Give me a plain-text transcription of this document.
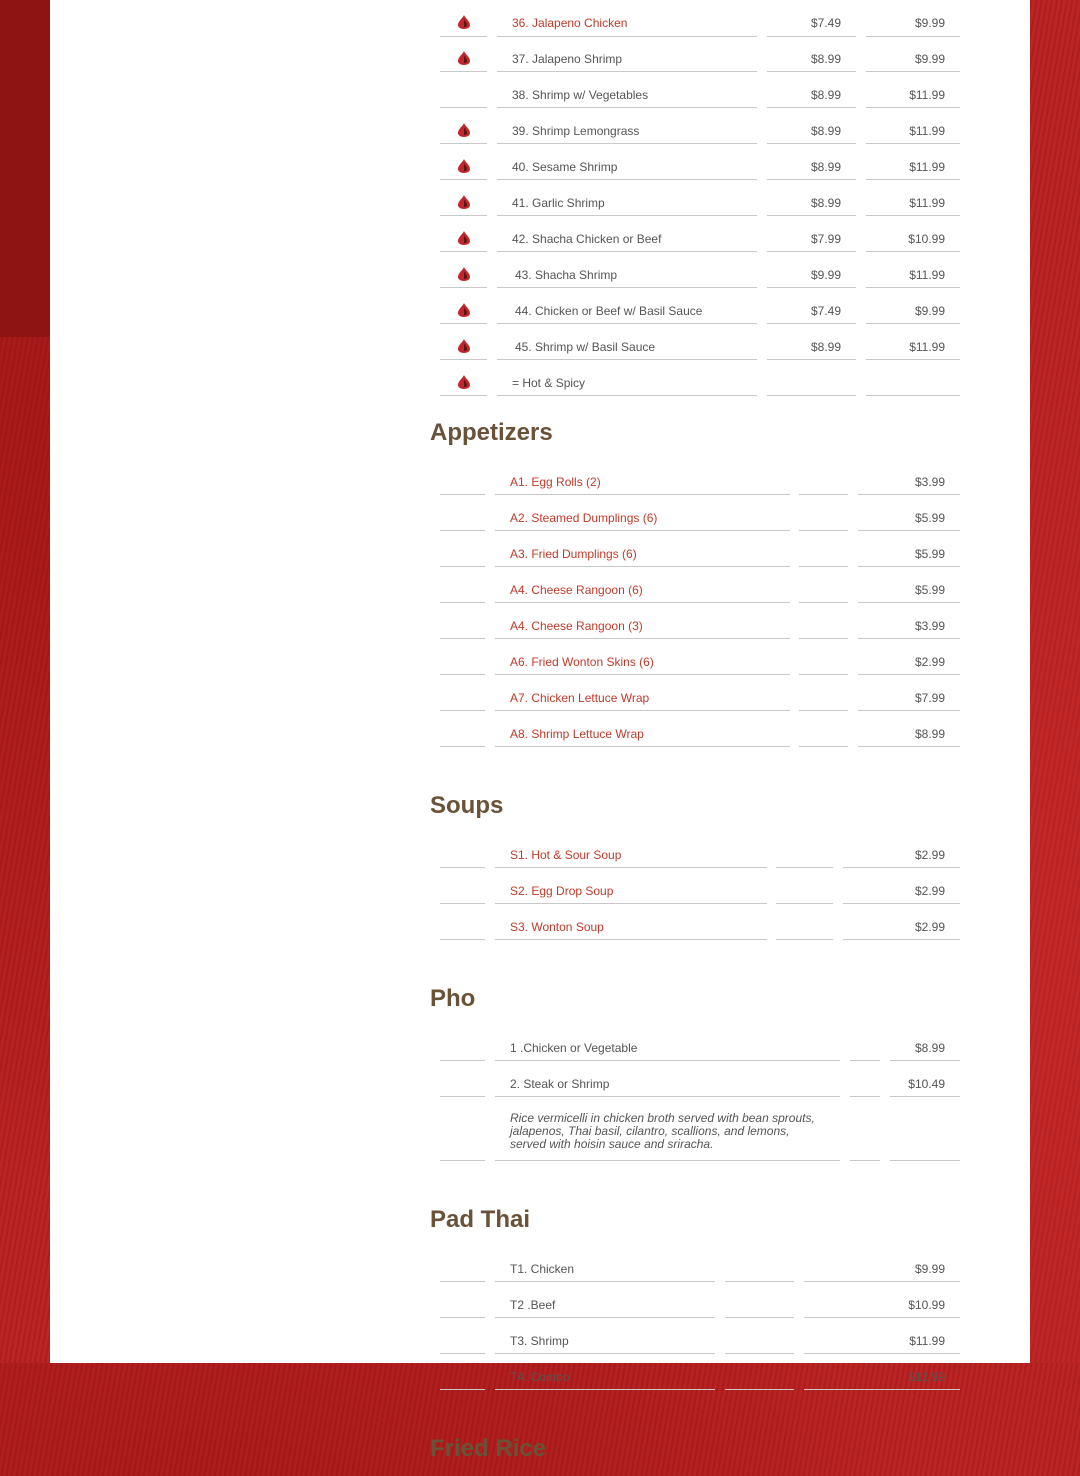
36. Jalapeno Chicken	$7.49	$9.99
37. Jalapeno Shrimp	$8.99	$9.99
38. Shrimp w/ Vegetables	$8.99	$11.99
39. Shrimp Lemongrass	$8.99	$11.99
40. Sesame Shrimp	$8.99	$11.99
41. Garlic Shrimp	$8.99	$11.99
42. Shacha Chicken or Beef	$7.99	$10.99
43. Shacha Shrimp	$9.99	$11.99
44. Chicken or Beef w/ Basil Sauce	$7.49	$9.99
45. Shrimp w/ Basil Sauce	$8.99	$11.99
= Hot & Spicy
Appetizers
A1. Egg Rolls (2)	$3.99
A2. Steamed Dumplings (6)	$5.99
A3. Fried Dumplings (6)	$5.99
A4. Cheese Rangoon (6)	$5.99
A4. Cheese Rangoon (3)	$3.99
A6. Fried Wonton Skins (6)	$2.99
A7. Chicken Lettuce Wrap	$7.99
A8. Shrimp Lettuce Wrap	$8.99
Soups
S1. Hot & Sour Soup	$2.99
S2. Egg Drop Soup	$2.99
S3. Wonton Soup	$2.99
Pho
1 .Chicken or Vegetable	$8.99
2. Steak or Shrimp	$10.49
Rice vermicelli in chicken broth served with bean sprouts, jalapenos, Thai basil, cilantro, scallions, and lemons, served with hoisin sauce and sriracha.
Pad Thai
T1. Chicken	$9.99
T2 .Beef	$10.99
T3. Shrimp	$11.99
T4. Combo	$12.99
Fried Rice
